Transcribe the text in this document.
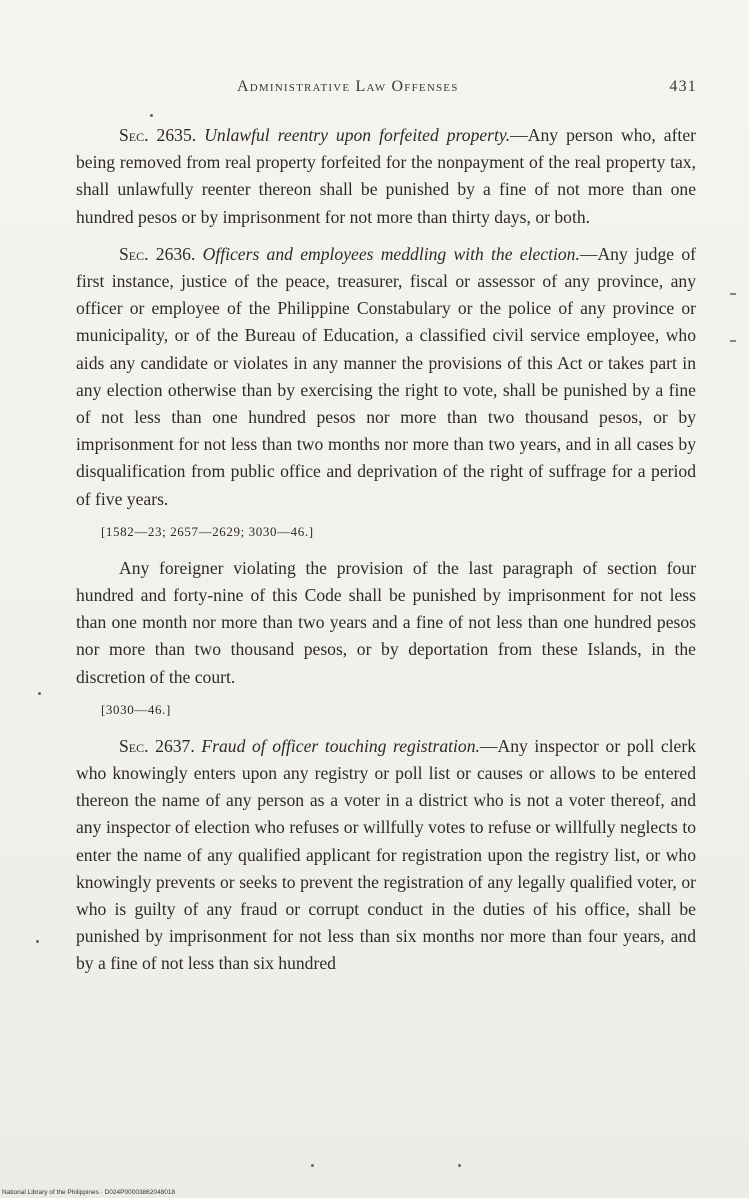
Administrative Law Offenses	431

Sec. 2635. Unlawful reentry upon forfeited property.—Any person who, after being removed from real property forfeited for the nonpayment of the real property tax, shall unlawfully reenter thereon shall be punished by a fine of not more than one hundred pesos or by imprisonment for not more than thirty days, or both.

Sec. 2636. Officers and employees meddling with the election.—Any judge of first instance, justice of the peace, treasurer, fiscal or assessor of any province, any officer or employee of the Philippine Constabulary or the police of any province or municipality, or of the Bureau of Education, a classified civil service employee, who aids any candidate or violates in any manner the provisions of this Act or takes part in any election otherwise than by exercising the right to vote, shall be punished by a fine of not less than one hundred pesos nor more than two thousand pesos, or by imprisonment for not less than two months nor more than two years, and in all cases by disqualification from public office and deprivation of the right of suffrage for a period of five years.

[1582—23; 2657—2629; 3030—46.]

Any foreigner violating the provision of the last paragraph of section four hundred and forty-nine of this Code shall be punished by imprisonment for not less than one month nor more than two years and a fine of not less than one hundred pesos nor more than two thousand pesos, or by deportation from these Islands, in the discretion of the court.

[3030—46.]

Sec. 2637. Fraud of officer touching registration.—Any inspector or poll clerk who knowingly enters upon any registry or poll list or causes or allows to be entered thereon the name of any person as a voter in a district who is not a voter thereof, and any inspector of election who refuses or willfully votes to refuse or willfully neglects to enter the name of any qualified applicant for registration upon the registry list, or who knowingly prevents or seeks to prevent the registration of any legally qualified voter, or who is guilty of any fraud or corrupt conduct in the duties of his office, shall be punished by imprisonment for not less than six months nor more than four years, and by a fine of not less than six hundred

National Library of the Philippines · D024P00003862048018
